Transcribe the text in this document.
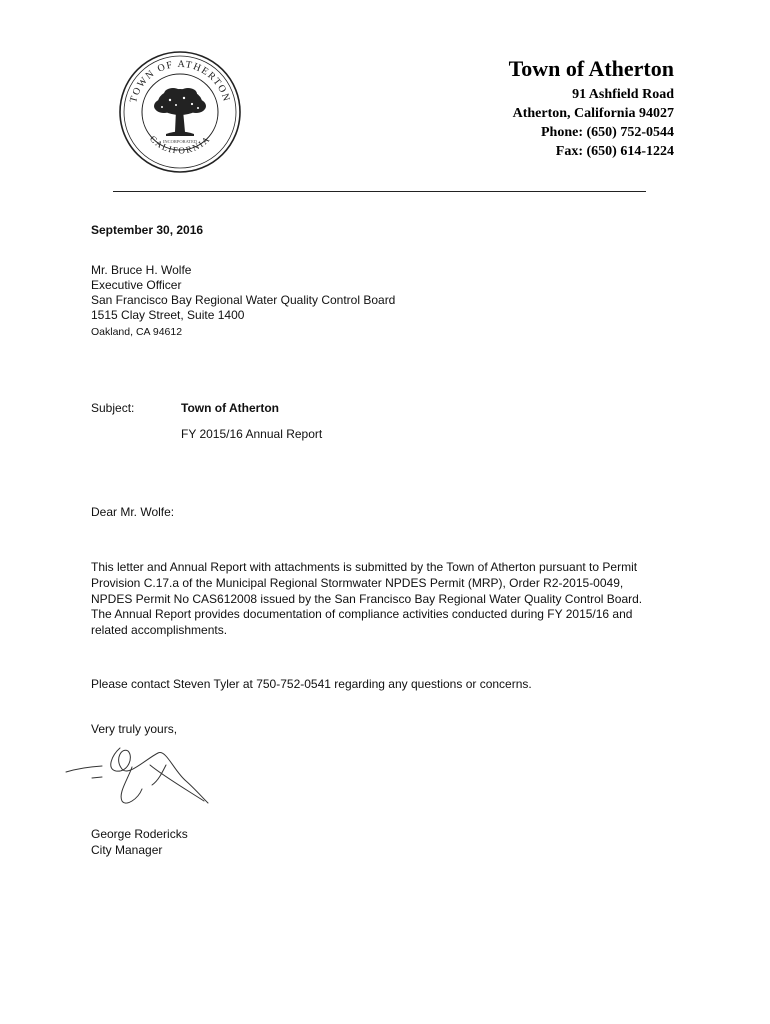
TOWN OF ATHERTON
CALIFORNIA
INCORPORATED
Town of Atherton
91 Ashfield Road
Atherton, California 94027
Phone: (650) 752-0544
Fax: (650) 614-1224
September 30, 2016
Mr. Bruce H. Wolfe
Executive Officer
San Francisco Bay Regional Water Quality Control Board
1515 Clay Street, Suite 1400
Oakland, CA 94612
Subject:	Town of Atherton
FY 2015/16 Annual Report
Dear Mr. Wolfe:
This letter and Annual Report with attachments is submitted by the Town of Atherton pursuant to Permit
Provision C.17.a of the Municipal Regional Stormwater NPDES Permit (MRP), Order R2-2015-0049,
NPDES Permit No CAS612008 issued by the San Francisco Bay Regional Water Quality Control Board.
The Annual Report provides documentation of compliance activities conducted during FY 2015/16 and
related accomplishments.
Please contact Steven Tyler at 750-752-0541 regarding any questions or concerns.
Very truly yours,
George Rodericks
City Manager
